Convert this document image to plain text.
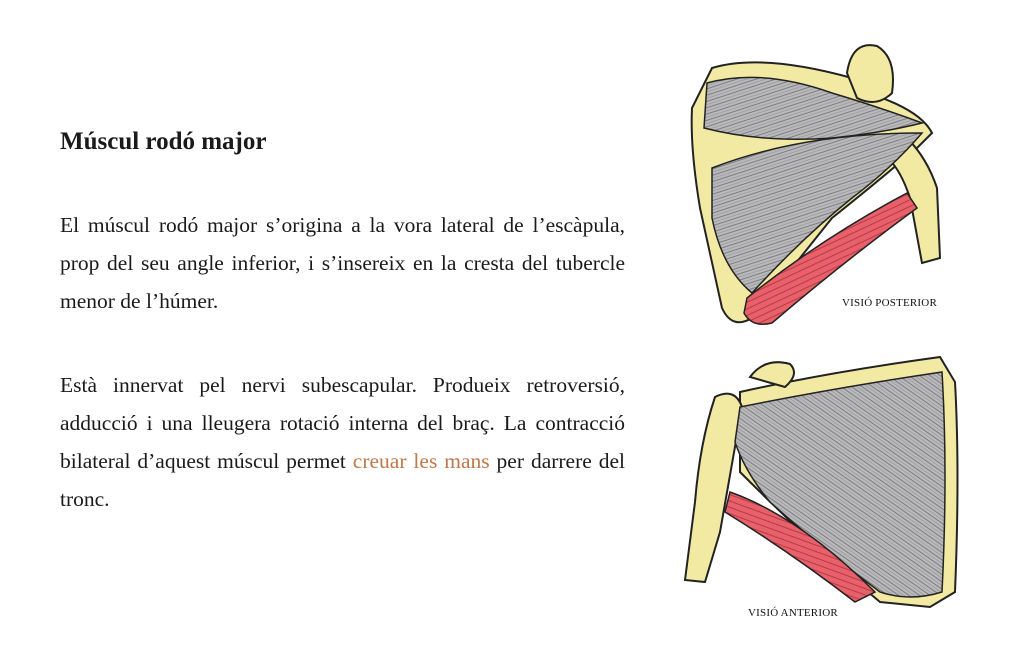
Múscul rodó major

El múscul rodó major s’origina a la vora lateral de l’escàpula, prop del seu angle inferior, i s’insereix en la cresta del tubercle menor de l’húmer.

Està innervat pel nervi subescapular. Produeix retroversió, adducció i una lleugera rotació interna del braç. La contracció bilateral d’aquest múscul permet creuar les mans per darrere del tronc.

VISIÓ POSTERIOR
VISIÓ ANTERIOR
